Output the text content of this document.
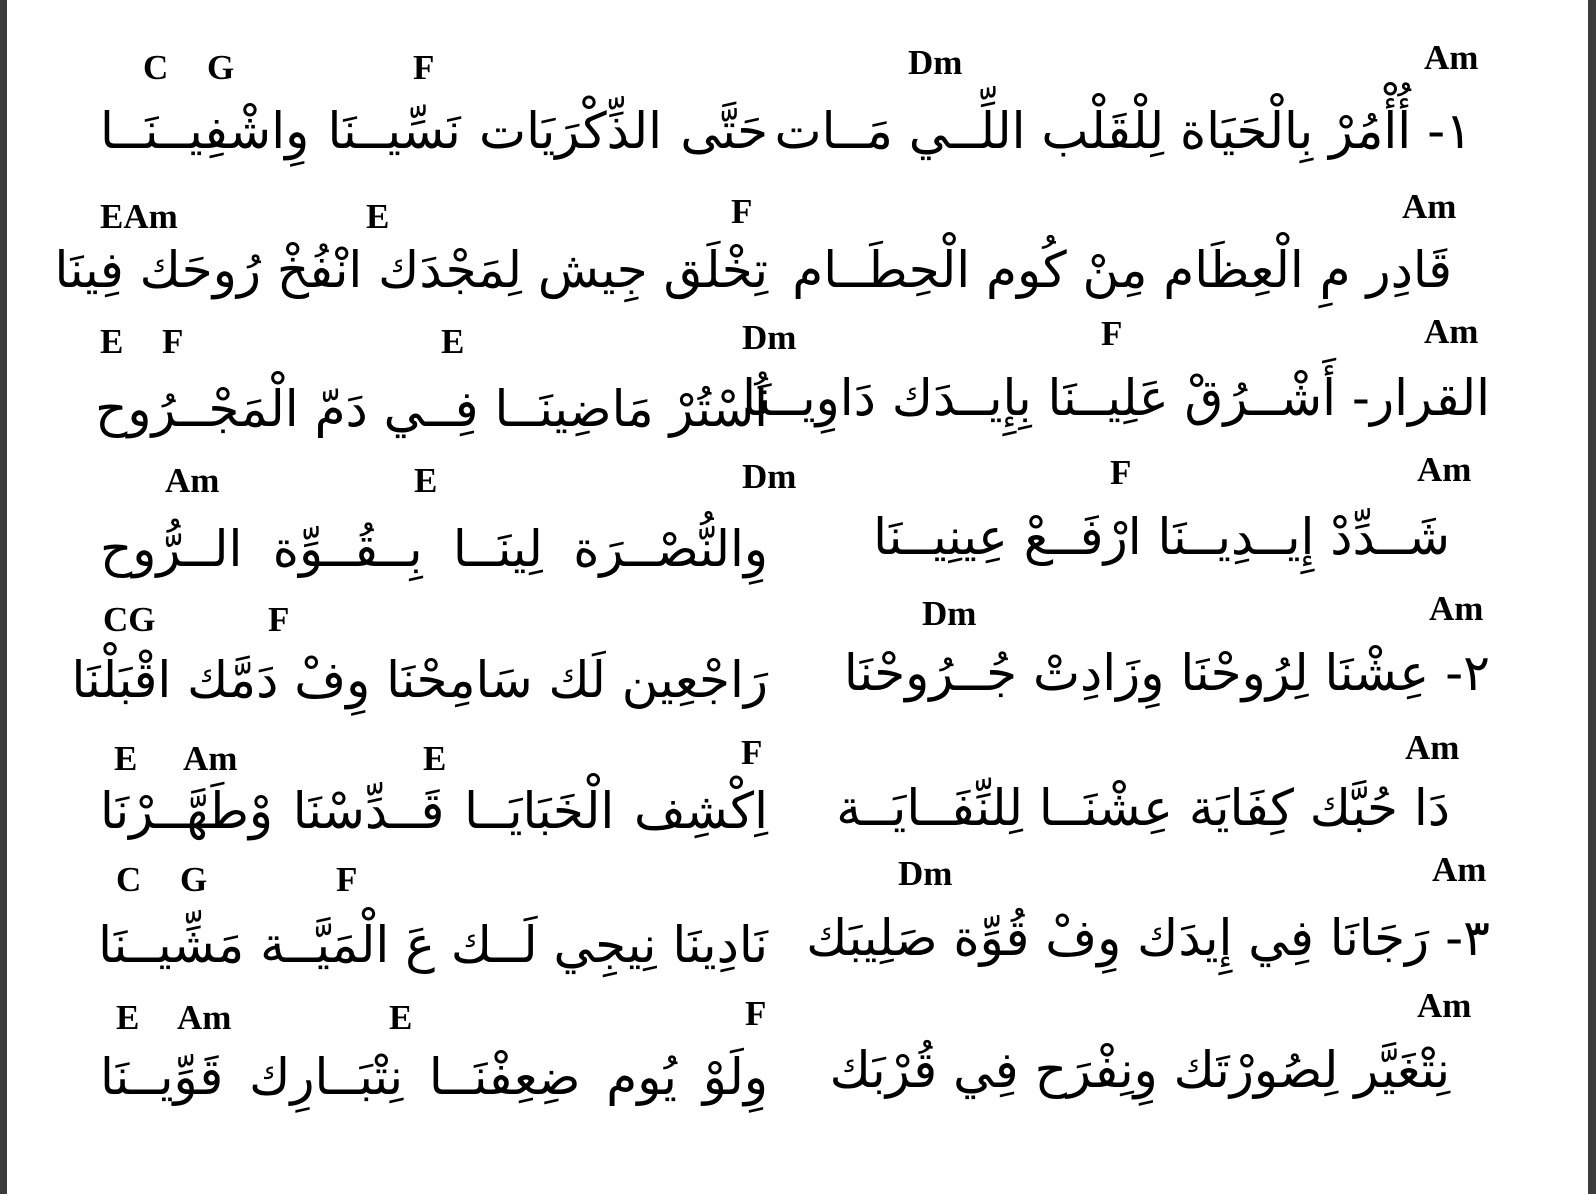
C G	F	Dm	Am
١- أُأْمُرْ بِالْحَيَاة لِلْقَلْب اللِّــي مَــات
حَتَّى الذِّكْرَيَات نَسِّيــنَا وِاشْفِيــنَــا
EAm	E	F	Am
قَادِر مِ الْعِظَام مِنْ كُوم الْحِطَــام
تِخْلَق جِيش لِمَجْدَك انْفُخْ رُوحَك فِينَا
E F	E	Dm	F	Am
القرار- أَشْــرُقْ عَلِيــنَا بِإِيــدَك دَاوِيــنَا
اُسْتُرْ مَاضِينَــا فِــي دَمّ الْمَجْــرُوح
Am	E	Dm	F	Am
شَــدِّدْ إِيــدِيــنَا ارْفَــعْ عِينِيــنَا
وِالنُّصْــرَة لِينَــا بِــقُــوِّة الــرُّوح
CG	F	Dm	Am
٢- عِشْنَا لِرُوحْنَا وِزَادِتْ جُــرُوحْنَا
رَاجْعِين لَك سَامِحْنَا وِفْ دَمَّك اقْبَلْنَا
E Am	E	F	Am
دَا حُبَّك كِفَايَة عِشْنَــا لِلنِّفَــايَــة
اِكْشِف الْخَبَايَــا قَــدِّسْنَا وْطَهَّــرْنَا
C G	F	Dm	Am
٣- رَجَانَا فِي إِيدَك وِفْ قُوِّة صَلِيبَك
نَادِينَا نِيجِي لَــك عَ الْمَيَّــة مَشِّيــنَا
E Am	E	F	Am
نِتْغَيَّر لِصُورْتَك وِنِفْرَح فِي قُرْبَك
وِلَوْ يُوم ضِعِفْنَــا نِتْبَــارِك قَوِّيــنَا
